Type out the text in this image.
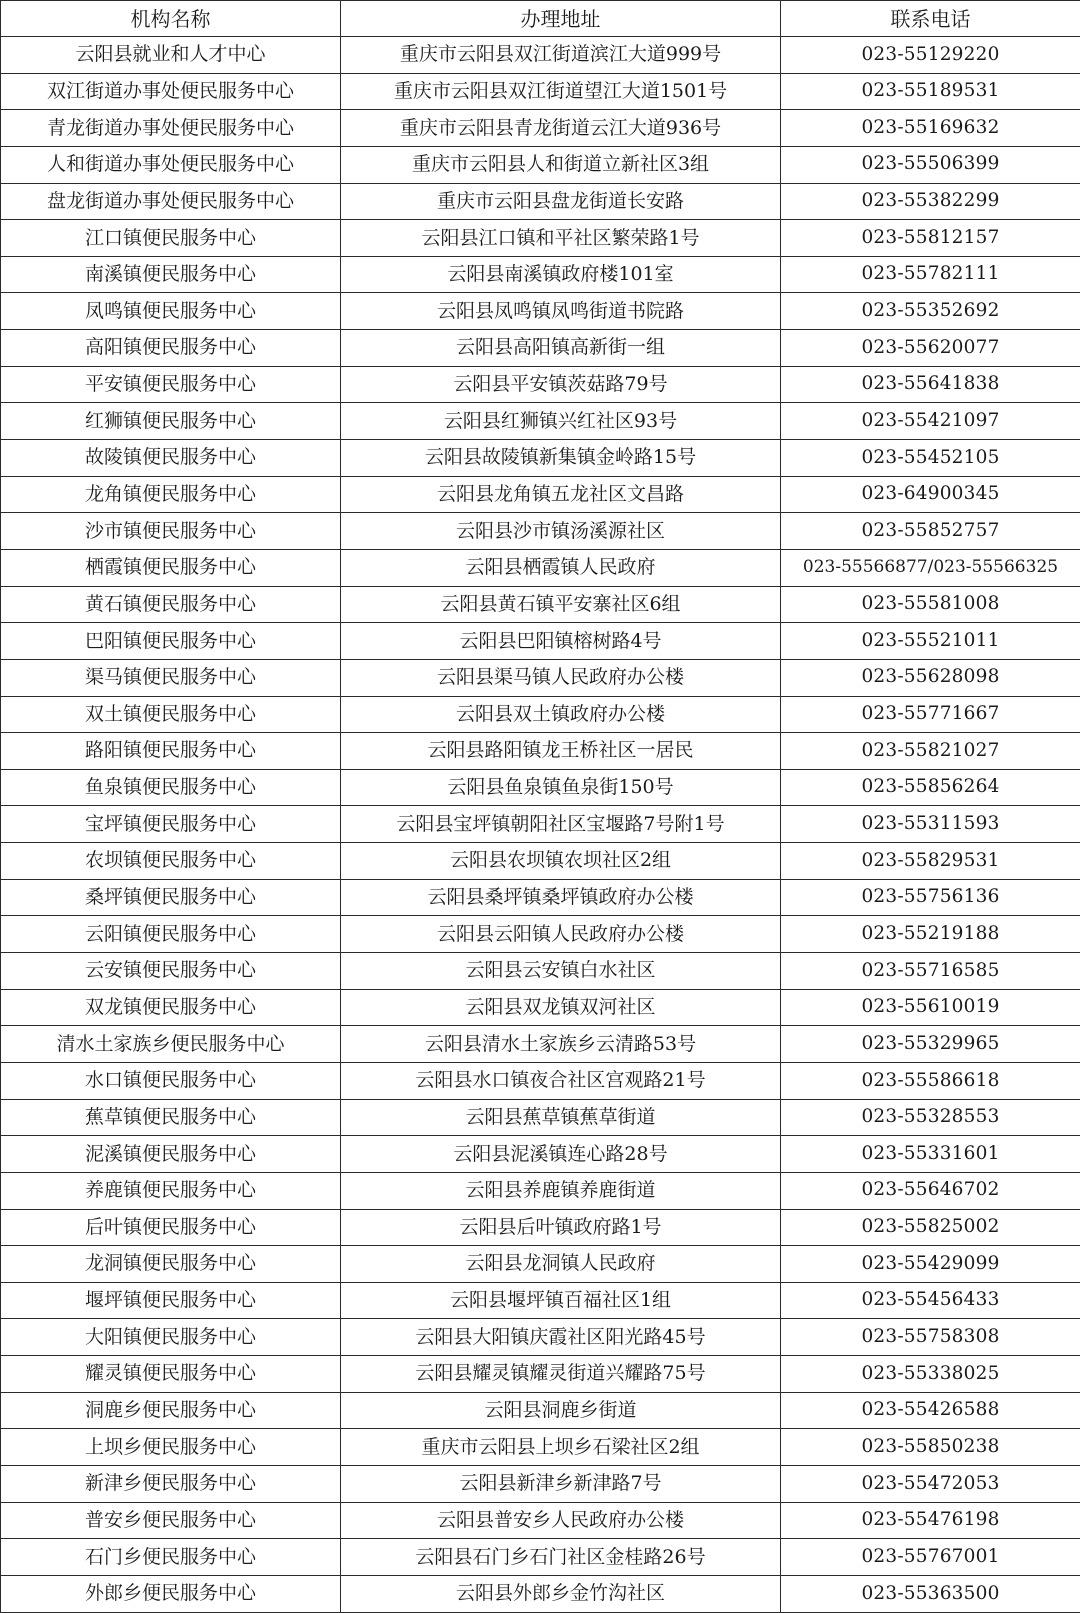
机构名称	办理地址	联系电话
云阳县就业和人才中心	重庆市云阳县双江街道滨江大道999号	023-55129220
双江街道办事处便民服务中心	重庆市云阳县双江街道望江大道1501号	023-55189531
青龙街道办事处便民服务中心	重庆市云阳县青龙街道云江大道936号	023-55169632
人和街道办事处便民服务中心	重庆市云阳县人和街道立新社区3组	023-55506399
盘龙街道办事处便民服务中心	重庆市云阳县盘龙街道长安路	023-55382299
江口镇便民服务中心	云阳县江口镇和平社区繁荣路1号	023-55812157
南溪镇便民服务中心	云阳县南溪镇政府楼101室	023-55782111
凤鸣镇便民服务中心	云阳县凤鸣镇凤鸣街道书院路	023-55352692
高阳镇便民服务中心	云阳县高阳镇高新街一组	023-55620077
平安镇便民服务中心	云阳县平安镇茨菇路79号	023-55641838
红狮镇便民服务中心	云阳县红狮镇兴红社区93号	023-55421097
故陵镇便民服务中心	云阳县故陵镇新集镇金岭路15号	023-55452105
龙角镇便民服务中心	云阳县龙角镇五龙社区文昌路	023-64900345
沙市镇便民服务中心	云阳县沙市镇汤溪源社区	023-55852757
栖霞镇便民服务中心	云阳县栖霞镇人民政府	023-55566877/023-55566325
黄石镇便民服务中心	云阳县黄石镇平安寨社区6组	023-55581008
巴阳镇便民服务中心	云阳县巴阳镇榕树路4号	023-55521011
渠马镇便民服务中心	云阳县渠马镇人民政府办公楼	023-55628098
双土镇便民服务中心	云阳县双土镇政府办公楼	023-55771667
路阳镇便民服务中心	云阳县路阳镇龙王桥社区一居民	023-55821027
鱼泉镇便民服务中心	云阳县鱼泉镇鱼泉街150号	023-55856264
宝坪镇便民服务中心	云阳县宝坪镇朝阳社区宝堰路7号附1号	023-55311593
农坝镇便民服务中心	云阳县农坝镇农坝社区2组	023-55829531
桑坪镇便民服务中心	云阳县桑坪镇桑坪镇政府办公楼	023-55756136
云阳镇便民服务中心	云阳县云阳镇人民政府办公楼	023-55219188
云安镇便民服务中心	云阳县云安镇白水社区	023-55716585
双龙镇便民服务中心	云阳县双龙镇双河社区	023-55610019
清水土家族乡便民服务中心	云阳县清水土家族乡云清路53号	023-55329965
水口镇便民服务中心	云阳县水口镇夜合社区宫观路21号	023-55586618
蕉草镇便民服务中心	云阳县蕉草镇蕉草街道	023-55328553
泥溪镇便民服务中心	云阳县泥溪镇连心路28号	023-55331601
养鹿镇便民服务中心	云阳县养鹿镇养鹿街道	023-55646702
后叶镇便民服务中心	云阳县后叶镇政府路1号	023-55825002
龙洞镇便民服务中心	云阳县龙洞镇人民政府	023-55429099
堰坪镇便民服务中心	云阳县堰坪镇百福社区1组	023-55456433
大阳镇便民服务中心	云阳县大阳镇庆霞社区阳光路45号	023-55758308
耀灵镇便民服务中心	云阳县耀灵镇耀灵街道兴耀路75号	023-55338025
洞鹿乡便民服务中心	云阳县洞鹿乡街道	023-55426588
上坝乡便民服务中心	重庆市云阳县上坝乡石梁社区2组	023-55850238
新津乡便民服务中心	云阳县新津乡新津路7号	023-55472053
普安乡便民服务中心	云阳县普安乡人民政府办公楼	023-55476198
石门乡便民服务中心	云阳县石门乡石门社区金桂路26号	023-55767001
外郎乡便民服务中心	云阳县外郎乡金竹沟社区	023-55363500
